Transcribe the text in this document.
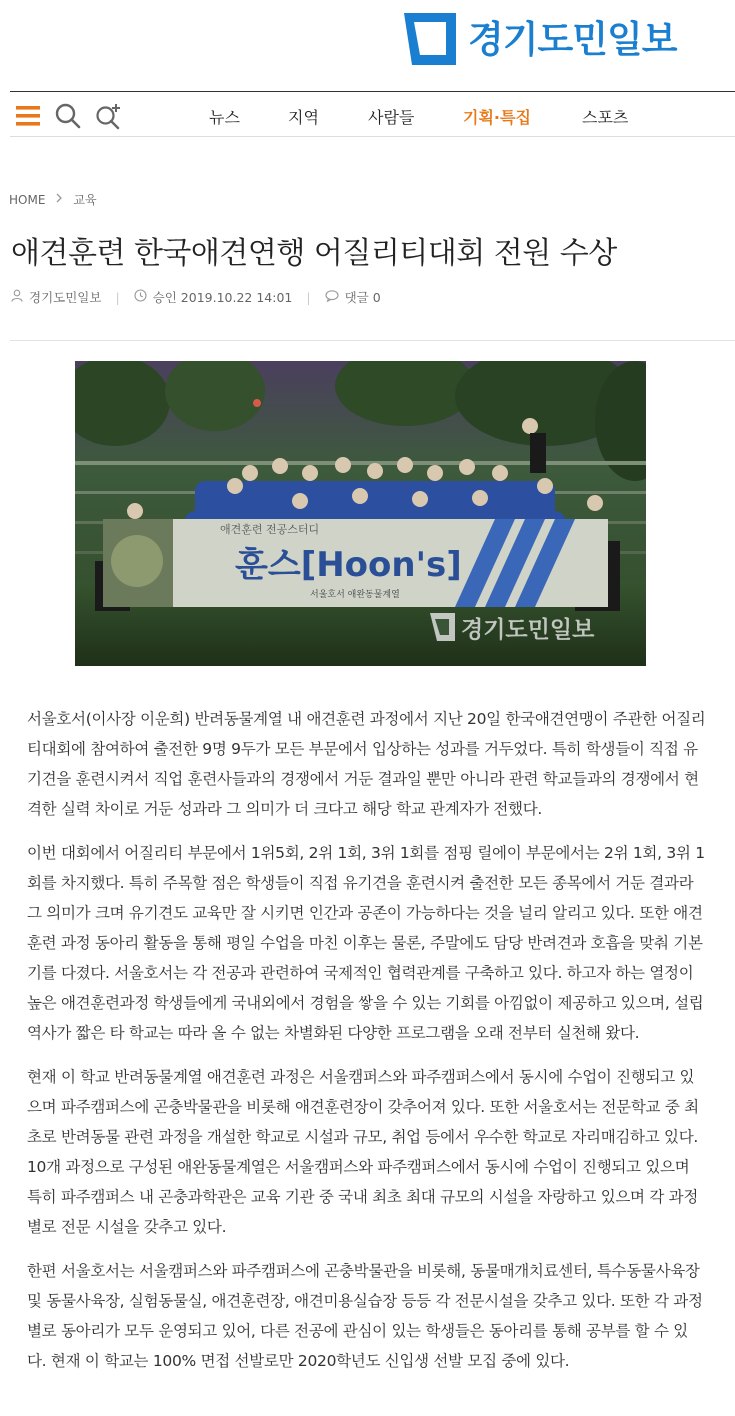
경기도민일보
뉴스	지역	사람들	기획·특집	스포츠
HOME 교육
애견훈련 한국애견연행 어질리티대회 전원 수상
경기도민일보 |	승인 2019.10.22 14:01 |	댓글 0
애견훈련 전공스터디
훈스[Hoon's]
서울호서 애완동물계열
경기도민일보

서울호서(이사장 이운희) 반려동물계열 내 애견훈련 과정에서 지난 20일 한국애견연맹이 주관한 어질리티대회에 참여하여 출전한 9명 9두가 모든 부문에서 입상하는 성과를 거두었다. 특히 학생들이 직접 유기견을 훈련시켜서 직업 훈련사들과의 경쟁에서 거둔 결과일 뿐만 아니라 관련 학교들과의 경쟁에서 현격한 실력 차이로 거둔 성과라 그 의미가 더 크다고 해당 학교 관계자가 전했다.

이번 대회에서 어질리티 부문에서 1위5회, 2위 1회, 3위 1회를 점핑 릴에이 부문에서는 2위 1회, 3위 1회를 차지했다. 특히 주목할 점은 학생들이 직접 유기견을 훈련시켜 출전한 모든 종목에서 거둔 결과라 그 의미가 크며 유기견도 교육만 잘 시키면 인간과 공존이 가능하다는 것을 널리 알리고 있다. 또한 애견훈련 과정 동아리 활동을 통해 평일 수업을 마친 이후는 물론, 주말에도 담당 반려견과 호흡을 맞춰 기본기를 다졌다. 서울호서는 각 전공과 관련하여 국제적인 협력관계를 구축하고 있다. 하고자 하는 열정이 높은 애견훈련과정 학생들에게 국내외에서 경험을 쌓을 수 있는 기회를 아낌없이 제공하고 있으며, 설립 역사가 짧은 타 학교는 따라 올 수 없는 차별화된 다양한 프로그램을 오래 전부터 실천해 왔다.

현재 이 학교 반려동물계열 애견훈련 과정은 서울캠퍼스와 파주캠퍼스에서 동시에 수업이 진행되고 있으며 파주캠퍼스에 곤충박물관을 비롯해 애견훈련장이 갖추어져 있다. 또한 서울호서는 전문학교 중 최초로 반려동물 관련 과정을 개설한 학교로 시설과 규모, 취업 등에서 우수한 학교로 자리매김하고 있다. 10개 과정으로 구성된 애완동물계열은 서울캠퍼스와 파주캠퍼스에서 동시에 수업이 진행되고 있으며 특히 파주캠퍼스 내 곤충과학관은 교육 기관 중 국내 최초 최대 규모의 시설을 자랑하고 있으며 각 과정별로 전문 시설을 갖추고 있다.

한편 서울호서는 서울캠퍼스와 파주캠퍼스에 곤충박물관을 비롯해, 동물매개치료센터, 특수동물사육장 및 동물사육장, 실험동물실, 애견훈련장, 애견미용실습장 등등 각 전문시설을 갖추고 있다. 또한 각 과정별로 동아리가 모두 운영되고 있어, 다른 전공에 관심이 있는 학생들은 동아리를 통해 공부를 할 수 있다. 현재 이 학교는 100% 면접 선발로만 2020학년도 신입생 선발 모집 중에 있다.
